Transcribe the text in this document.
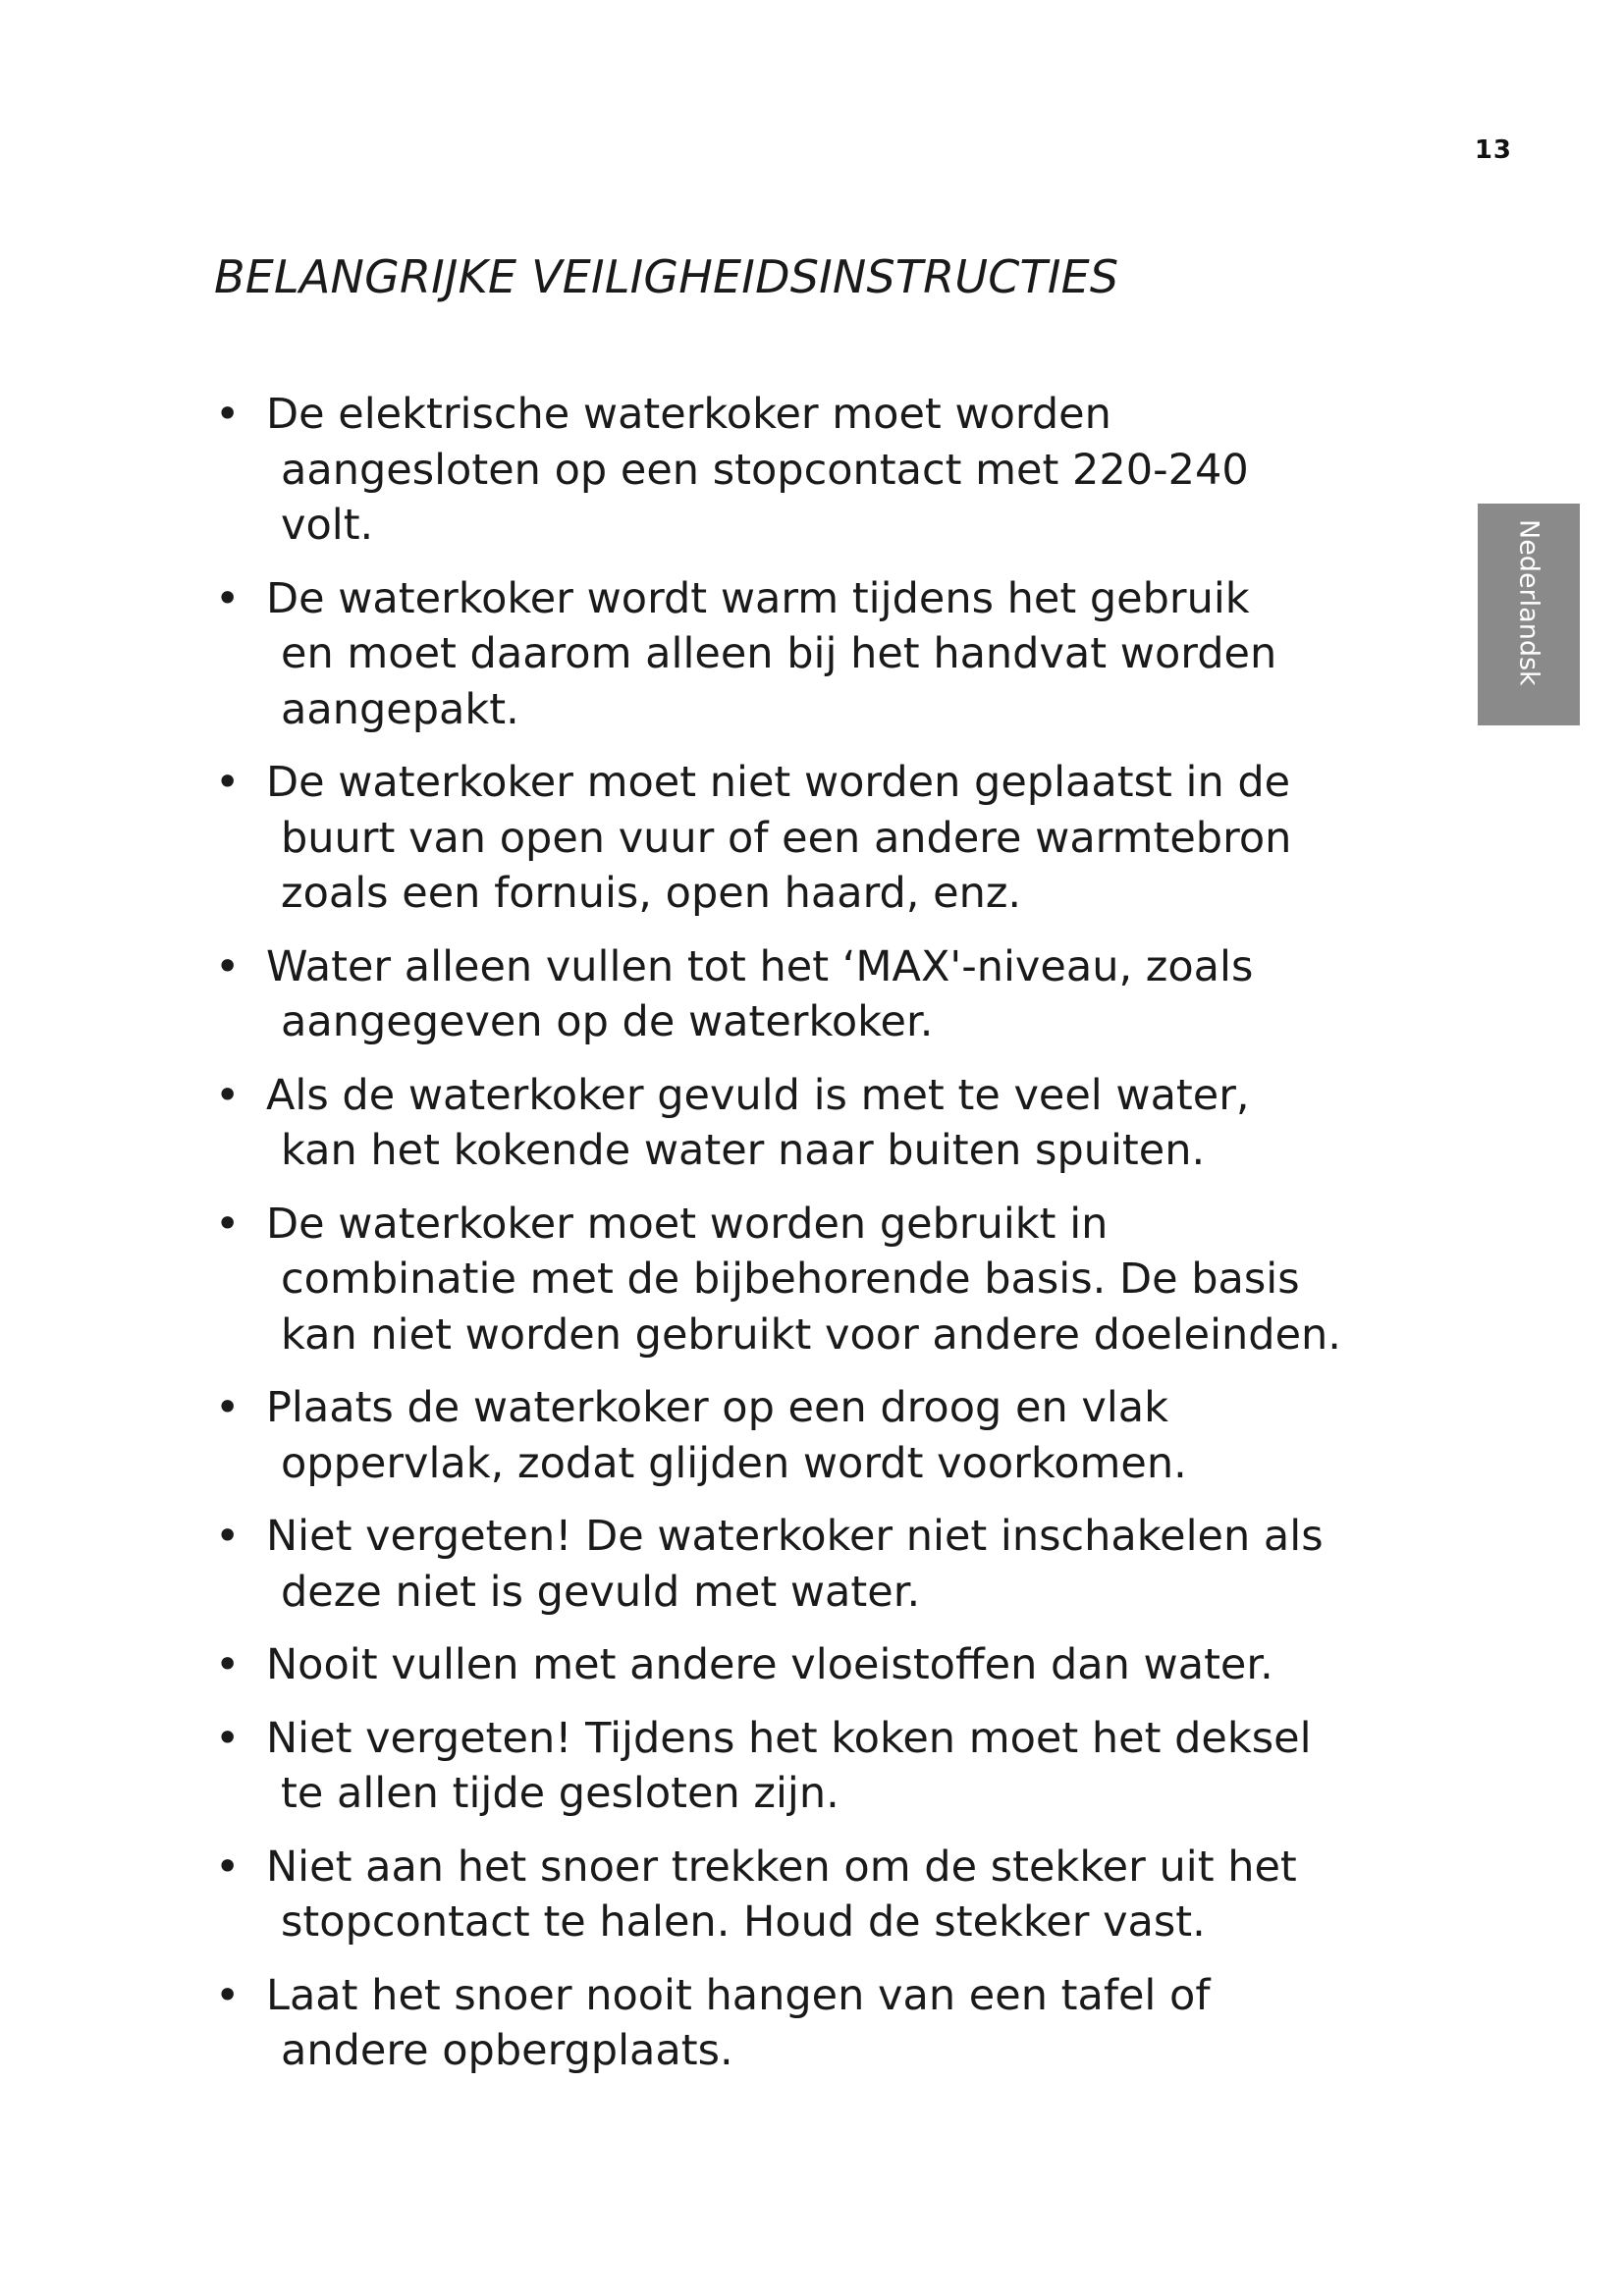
13
BELANGRIJKE VEILIGHEIDSINSTRUCTIES
Nederlandsk
• De elektrische waterkoker moet worden
aangesloten op een stopcontact met 220-240
volt.
• De waterkoker wordt warm tijdens het gebruik
en moet daarom alleen bij het handvat worden
aangepakt.
• De waterkoker moet niet worden geplaatst in de
buurt van open vuur of een andere warmtebron
zoals een fornuis, open haard, enz.
• Water alleen vullen tot het ‘MAX'-niveau, zoals
aangegeven op de waterkoker.
• Als de waterkoker gevuld is met te veel water,
kan het kokende water naar buiten spuiten.
• De waterkoker moet worden gebruikt in
combinatie met de bijbehorende basis. De basis
kan niet worden gebruikt voor andere doeleinden.
• Plaats de waterkoker op een droog en vlak
oppervlak, zodat glijden wordt voorkomen.
• Niet vergeten! De waterkoker niet inschakelen als
deze niet is gevuld met water.
• Nooit vullen met andere vloeistoffen dan water.
• Niet vergeten! Tijdens het koken moet het deksel
te allen tijde gesloten zijn.
• Niet aan het snoer trekken om de stekker uit het
stopcontact te halen. Houd de stekker vast.
• Laat het snoer nooit hangen van een tafel of
andere opbergplaats.
